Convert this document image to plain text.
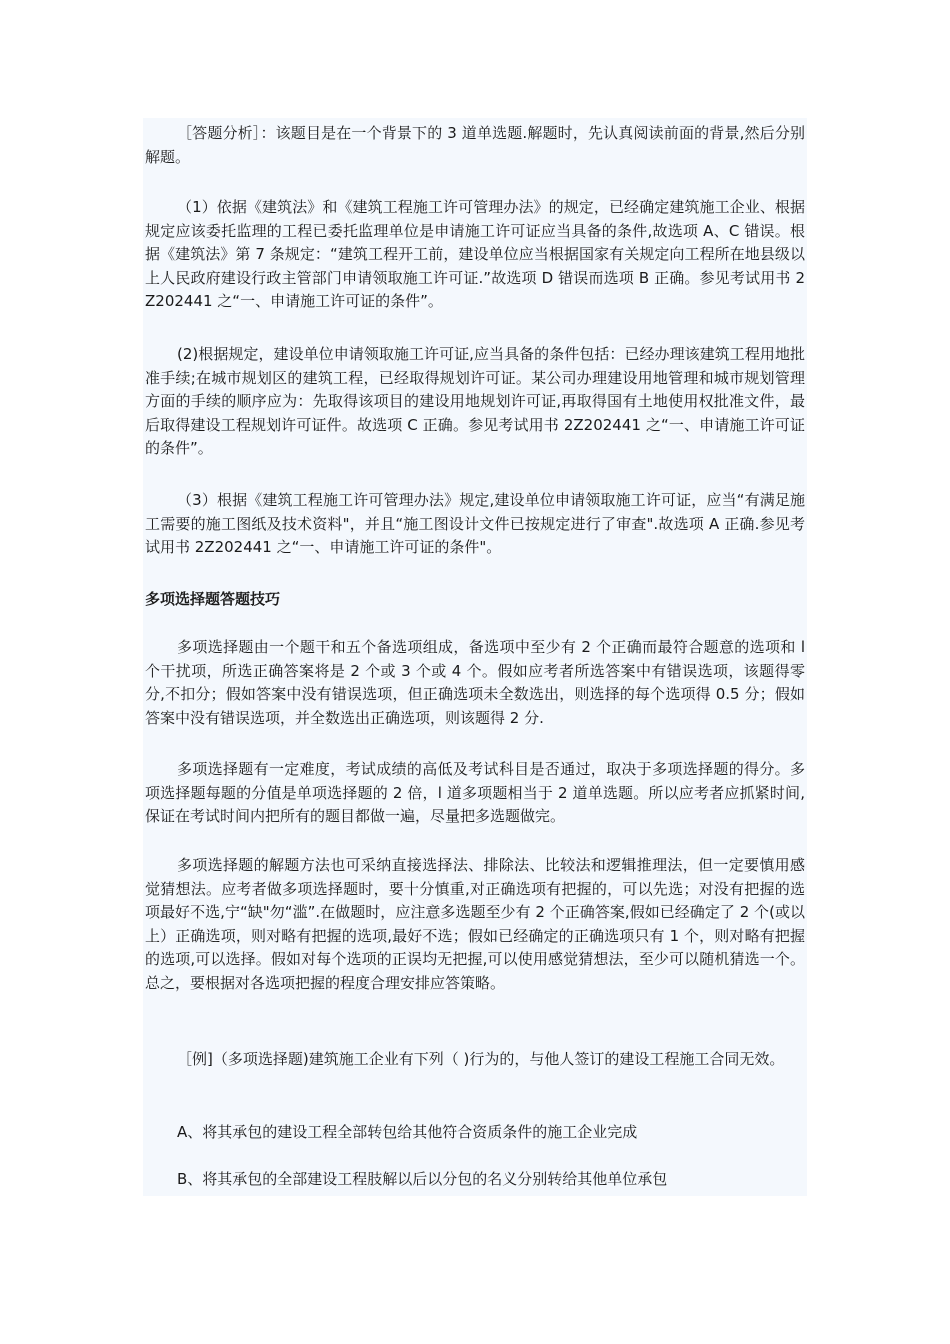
［答题分析］：该题目是在一个背景下的 3 道单选题.解题时，先认真阅读前面的背景,然后分别解题。

（1）依据《建筑法》和《建筑工程施工许可管理办法》的规定，已经确定建筑施工企业、根据规定应该委托监理的工程已委托监理单位是申请施工许可证应当具备的条件,故选项 A、C 错误。根据《建筑法》第 7 条规定：“建筑工程开工前，建设单位应当根据国家有关规定向工程所在地县级以上人民政府建设行政主管部门申请领取施工许可证.”故选项 D 错误而选项 B 正确。参见考试用书 2Z202441 之“一、申请施工许可证的条件”。

(2)根据规定，建设单位申请领取施工许可证,应当具备的条件包括：已经办理该建筑工程用地批准手续;在城市规划区的建筑工程，已经取得规划许可证。某公司办理建设用地管理和城市规划管理方面的手续的顺序应为：先取得该项目的建设用地规划许可证,再取得国有土地使用权批准文件，最后取得建设工程规划许可证件。故选项 C 正确。参见考试用书 2Z202441 之“一、申请施工许可证的条件”。

（3）根据《建筑工程施工许可管理办法》规定,建设单位申请领取施工许可证，应当“有满足施工需要的施工图纸及技术资料"，并且“施工图设计文件已按规定进行了审查".故选项 A 正确.参见考试用书 2Z202441 之“一、申请施工许可证的条件"。

多项选择题答题技巧

多项选择题由一个题干和五个备选项组成，备选项中至少有 2 个正确而最符合题意的选项和 l 个干扰项，所选正确答案将是 2 个或 3 个或 4 个。假如应考者所选答案中有错误选项，该题得零分,不扣分；假如答案中没有错误选项，但正确选项未全数选出，则选择的每个选项得 0.5 分；假如答案中没有错误选项，并全数选出正确选项，则该题得 2 分.

多项选择题有一定难度，考试成绩的高低及考试科目是否通过，取决于多项选择题的得分。多项选择题每题的分值是单项选择题的 2 倍，l 道多项题相当于 2 道单选题。所以应考者应抓紧时间,保证在考试时间内把所有的题目都做一遍，尽量把多选题做完。

多项选择题的解题方法也可采纳直接选择法、排除法、比较法和逻辑推理法，但一定要慎用感觉猜想法。应考者做多项选择题时，要十分慎重,对正确选项有把握的，可以先选；对没有把握的选项最好不选,宁“缺"勿“滥”.在做题时，应注意多选题至少有 2 个正确答案,假如已经确定了 2 个(或以上）正确选项，则对略有把握的选项,最好不选；假如已经确定的正确选项只有 1 个，则对略有把握的选项,可以选择。假如对每个选项的正误均无把握,可以使用感觉猜想法，至少可以随机猜选一个。总之，要根据对各选项把握的程度合理安排应答策略。

［例]（多项选择题)建筑施工企业有下列（ )行为的，与他人签订的建设工程施工合同无效。

A、将其承包的建设工程全部转包给其他符合资质条件的施工企业完成

B、将其承包的全部建设工程肢解以后以分包的名义分别转给其他单位承包
